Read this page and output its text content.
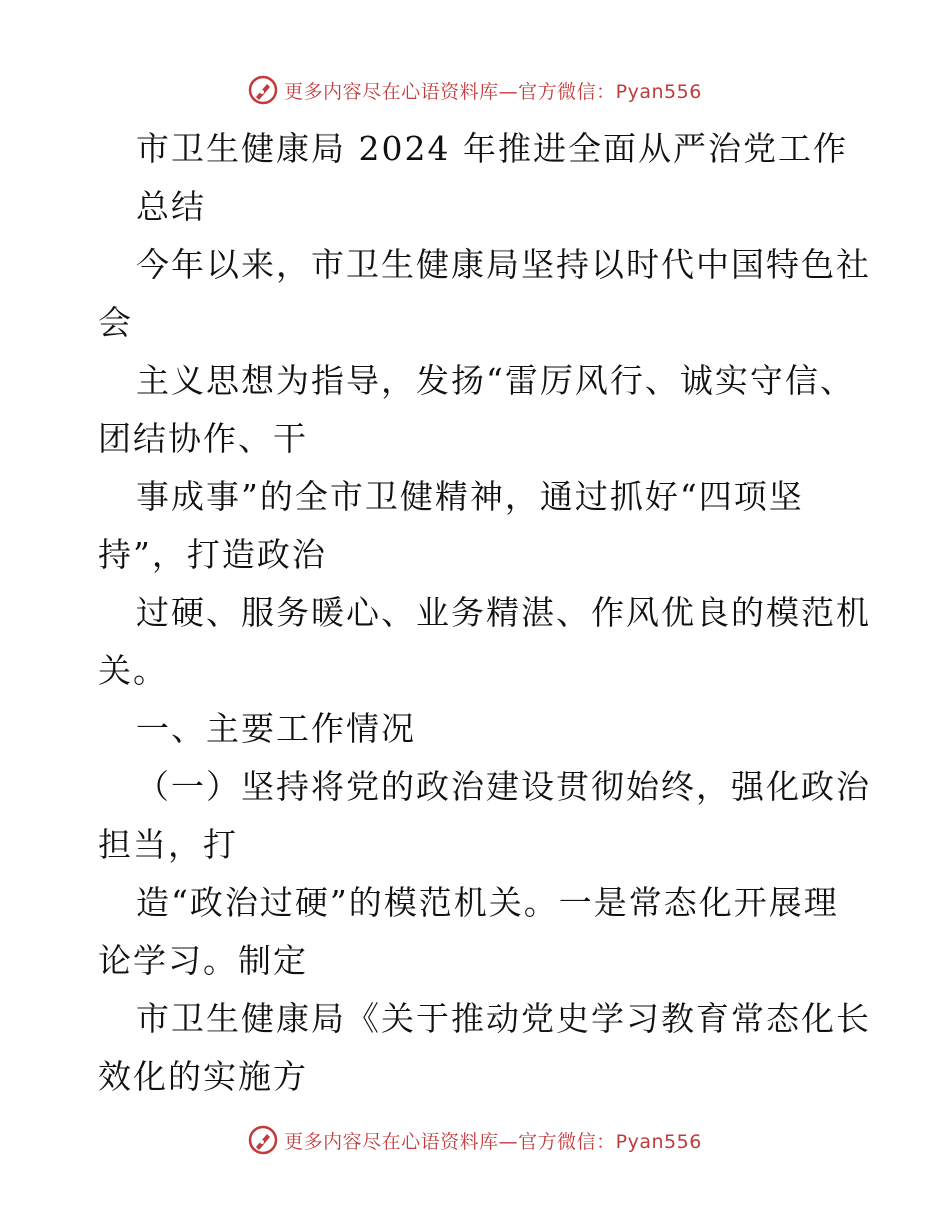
更多内容尽在心语资料库—官方微信：Pyan556
市卫生健康局 2024 年推进全面从严治党工作
总结
今年以来，市卫生健康局坚持以时代中国特色社
会
主义思想为指导，发扬“雷厉风行、诚实守信、
团结协作、干
事成事”的全市卫健精神，通过抓好“四项坚
持”，打造政治
过硬、服务暖心、业务精湛、作风优良的模范机
关。
一、主要工作情况
（一）坚持将党的政治建设贯彻始终，强化政治
担当，打
造“政治过硬”的模范机关。一是常态化开展理
论学习。制定
市卫生健康局《关于推动党史学习教育常态化长
效化的实施方
更多内容尽在心语资料库—官方微信：Pyan556
